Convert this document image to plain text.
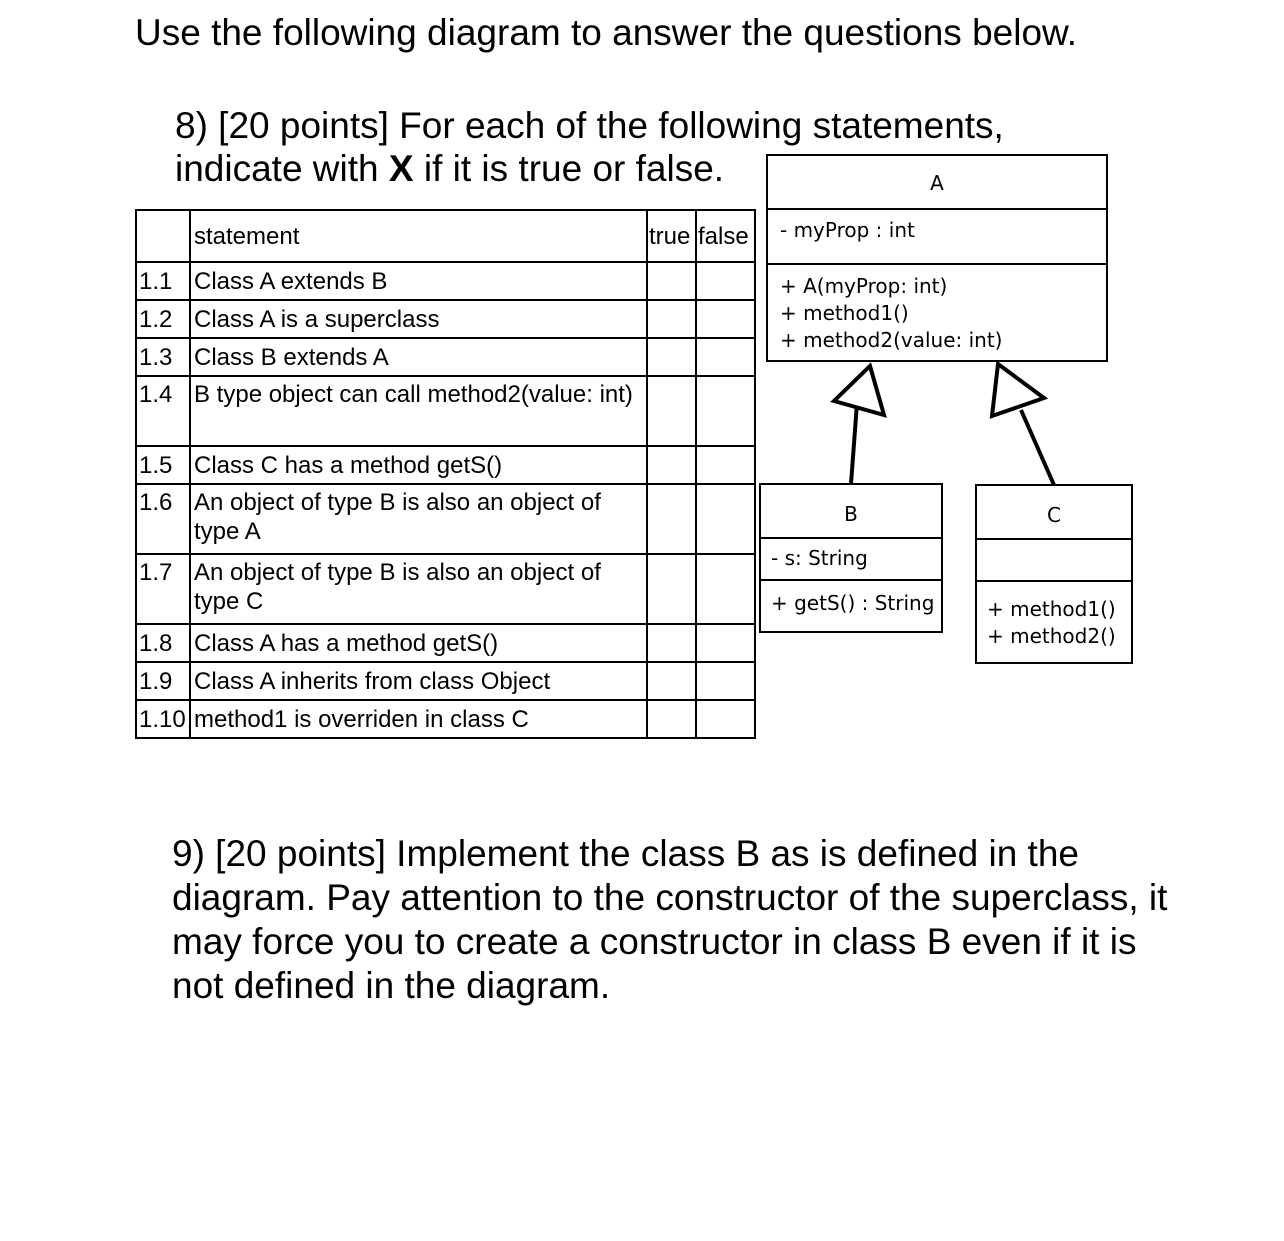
Use the following diagram to answer the questions below.
8) [20 points] For each of the following statements,
indicate with X if it is true or false.
	statement	true	false
1.1	Class A extends B		
1.2	Class A is a superclass		
1.3	Class B extends A		
1.4	B type object can call method2(value: int)		
1.5	Class C has a method getS()		
1.6	An object of type B is also an object of type A		
1.7	An object of type B is also an object of type C		
1.8	Class A has a method getS()		
1.9	Class A inherits from class Object		
1.10	method1 is overriden in class C		
A
- myProp : int
+ A(myProp: int)
+ method1()
+ method2(value: int)
B
- s: String
+ getS() : String
C
+ method1()
+ method2()
9) [20 points] Implement the class B as is defined in the diagram. Pay attention to the constructor of the superclass, it may force you to create a constructor in class B even if it is not defined in the diagram.
